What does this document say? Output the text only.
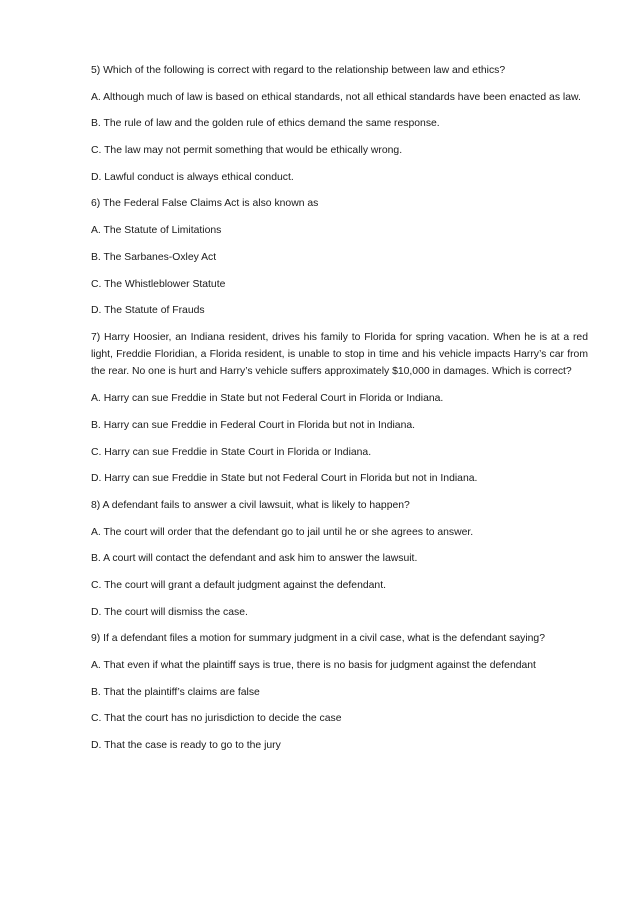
5) Which of the following is correct with regard to the relationship between law and ethics?

A. Although much of law is based on ethical standards, not all ethical standards have been enacted as law.

B. The rule of law and the golden rule of ethics demand the same response.

C. The law may not permit something that would be ethically wrong.

D. Lawful conduct is always ethical conduct.

6) The Federal False Claims Act is also known as

A. The Statute of Limitations

B. The Sarbanes-Oxley Act

C. The Whistleblower Statute

D. The Statute of Frauds

7) Harry Hoosier, an Indiana resident, drives his family to Florida for spring vacation. When he is at a red light, Freddie Floridian, a Florida resident, is unable to stop in time and his vehicle impacts Harry’s car from the rear. No one is hurt and Harry’s vehicle suffers approximately $10,000 in damages. Which is correct?

A. Harry can sue Freddie in State but not Federal Court in Florida or Indiana.

B. Harry can sue Freddie in Federal Court in Florida but not in Indiana.

C. Harry can sue Freddie in State Court in Florida or Indiana.

D. Harry can sue Freddie in State but not Federal Court in Florida but not in Indiana.

8) A defendant fails to answer a civil lawsuit, what is likely to happen?

A. The court will order that the defendant go to jail until he or she agrees to answer.

B. A court will contact the defendant and ask him to answer the lawsuit.

C. The court will grant a default judgment against the defendant.

D. The court will dismiss the case.

9) If a defendant files a motion for summary judgment in a civil case, what is the defendant saying?

A. That even if what the plaintiff says is true, there is no basis for judgment against the defendant

B. That the plaintiff’s claims are false

C. That the court has no jurisdiction to decide the case

D. That the case is ready to go to the jury
